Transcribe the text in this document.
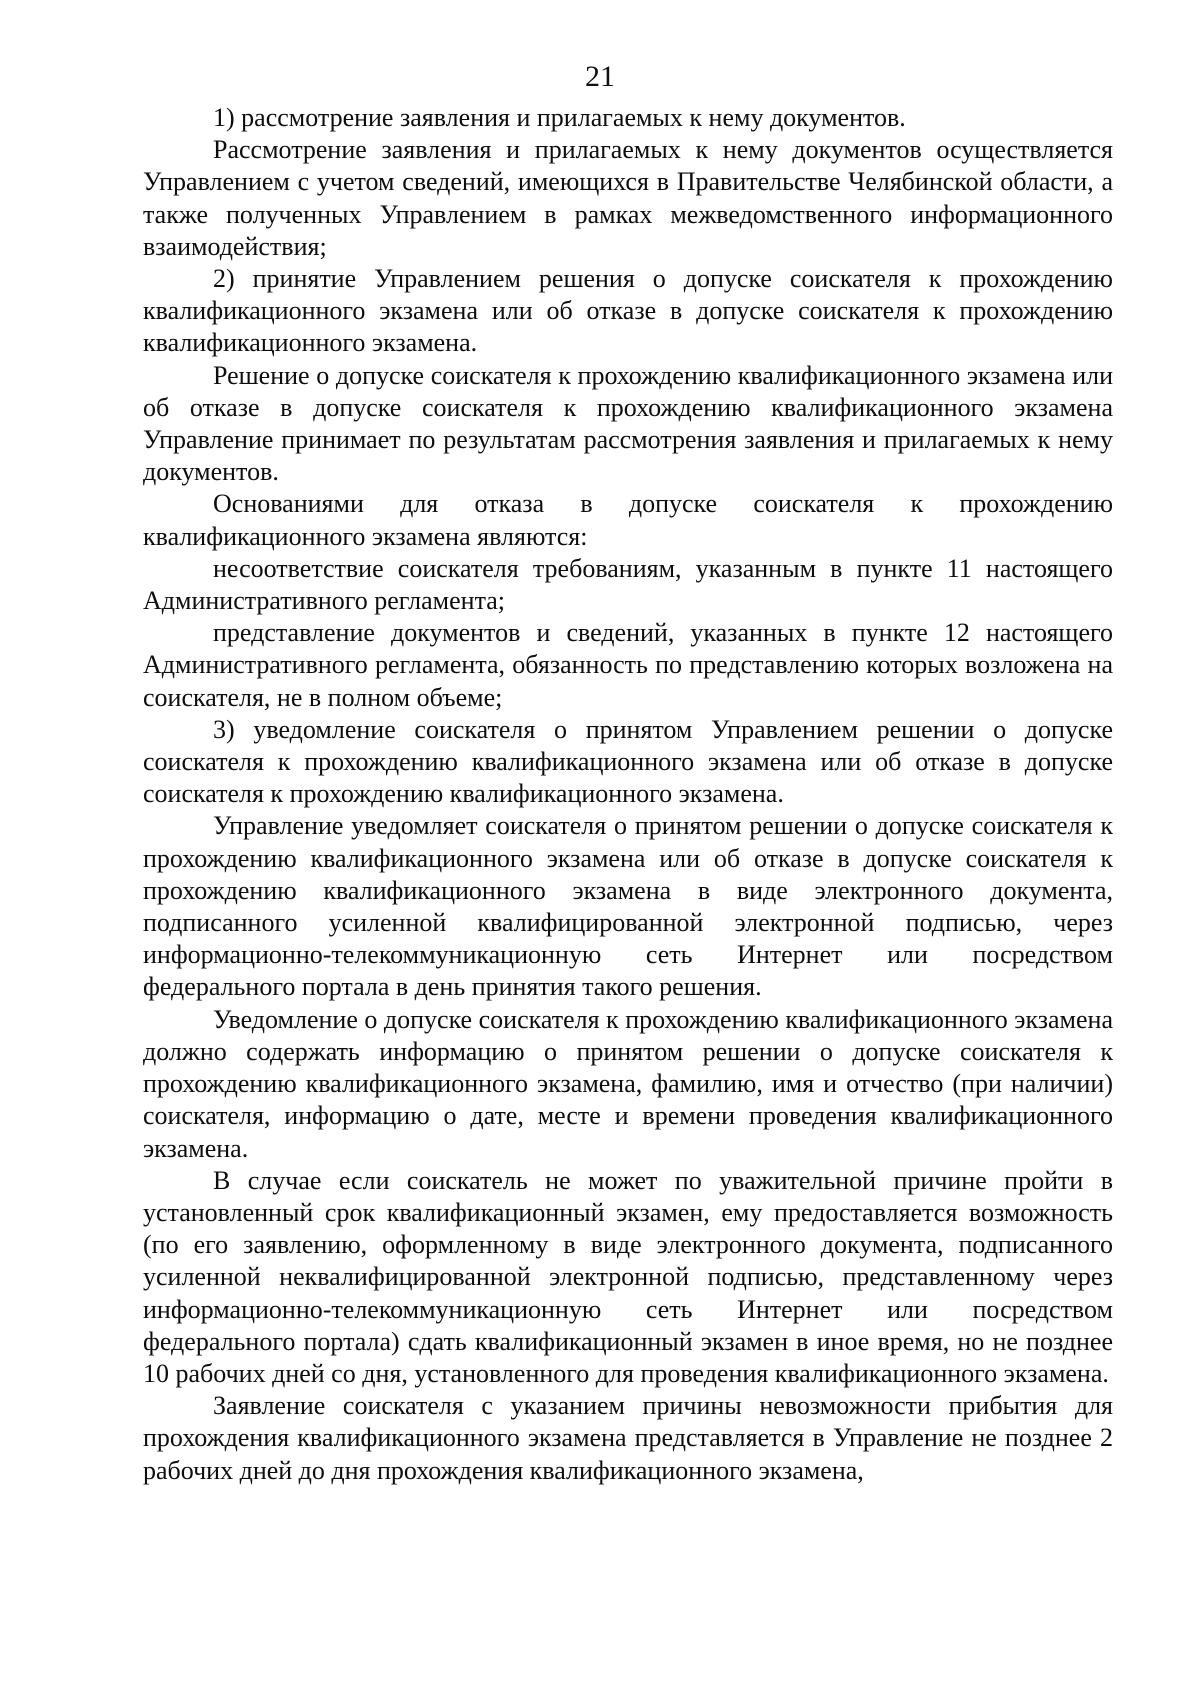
21

1) рассмотрение заявления и прилагаемых к нему документов.

Рассмотрение заявления и прилагаемых к нему документов осуществляется Управлением с учетом сведений, имеющихся в Правительстве Челябинской области, а также полученных Управлением в рамках межведомственного информационного взаимодействия;

2) принятие Управлением решения о допуске соискателя к прохождению квалификационного экзамена или об отказе в допуске соискателя к прохождению квалификационного экзамена.

Решение о допуске соискателя к прохождению квалификационного экзамена или об отказе в допуске соискателя к прохождению квалификационного экзамена Управление принимает по результатам рассмотрения заявления и прилагаемых к нему документов.

Основаниями для отказа в допуске соискателя к прохождению квалификационного экзамена являются:

несоответствие соискателя требованиям, указанным в пункте 11 настоящего Административного регламента;

представление документов и сведений, указанных в пункте 12 настоящего Административного регламента, обязанность по представлению которых возложена на соискателя, не в полном объеме;

3) уведомление соискателя о принятом Управлением решении о допуске соискателя к прохождению квалификационного экзамена или об отказе в допуске соискателя к прохождению квалификационного экзамена.

Управление уведомляет соискателя о принятом решении о допуске соискателя к прохождению квалификационного экзамена или об отказе в допуске соискателя к прохождению квалификационного экзамена в виде электронного документа, подписанного усиленной квалифицированной электронной подписью, через информационно-телекоммуникационную сеть Интернет или посредством федерального портала в день принятия такого решения.

Уведомление о допуске соискателя к прохождению квалификационного экзамена должно содержать информацию о принятом решении о допуске соискателя к прохождению квалификационного экзамена, фамилию, имя и отчество (при наличии) соискателя, информацию о дате, месте и времени проведения квалификационного экзамена.

В случае если соискатель не может по уважительной причине пройти в установленный срок квалификационный экзамен, ему предоставляется возможность (по его заявлению, оформленному в виде электронного документа, подписанного усиленной неквалифицированной электронной подписью, представленному через информационно-телекоммуникационную сеть Интернет или посредством федерального портала) сдать квалификационный экзамен в иное время, но не позднее 10 рабочих дней со дня, установленного для проведения квалификационного экзамена.

Заявление соискателя с указанием причины невозможности прибытия для прохождения квалификационного экзамена представляется в Управление не позднее 2 рабочих дней до дня прохождения квалификационного экзамена,
